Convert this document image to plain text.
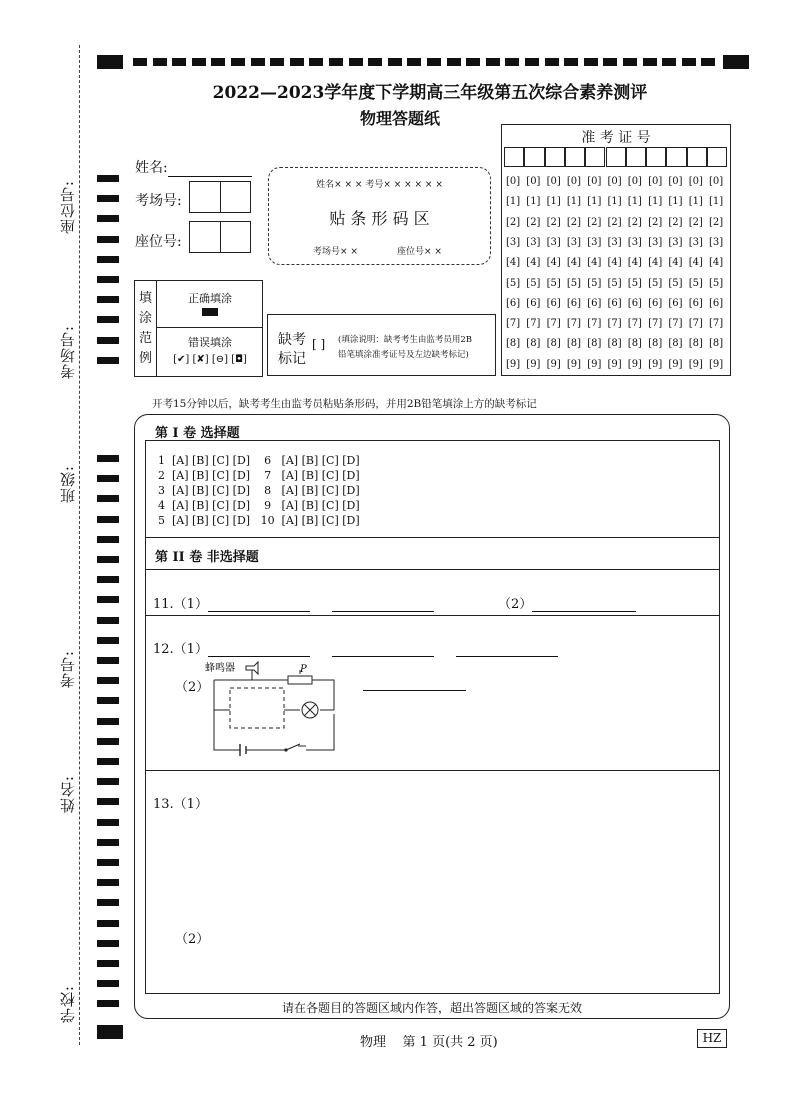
2022—2023学年度下学期高三年级第五次综合素养测评
物理答题纸
座位号:
考场号:
班级:
考号:
姓名:
学校:
姓名:
考场号:
座位号:
姓名× × × 考号× × × × × ×
贴 条 形 码 区
考场号× ×	座位号× ×
准 考 证 号
[0] [0] [0] [0] [0] [0] [0] [0] [0] [0] [0]
[1] [1] [1] [1] [1] [1] [1] [1] [1] [1] [1]
[2] [2] [2] [2] [2] [2] [2] [2] [2] [2] [2]
[3] [3] [3] [3] [3] [3] [3] [3] [3] [3] [3]
[4] [4] [4] [4] [4] [4] [4] [4] [4] [4] [4]
[5] [5] [5] [5] [5] [5] [5] [5] [5] [5] [5]
[6] [6] [6] [6] [6] [6] [6] [6] [6] [6] [6]
[7] [7] [7] [7] [7] [7] [7] [7] [7] [7] [7]
[8] [8] [8] [8] [8] [8] [8] [8] [8] [8] [8]
[9] [9] [9] [9] [9] [9] [9] [9] [9] [9] [9]
填
涂
范
例
正确填涂
错误填涂
[✔] [✘] [⊖] [◘]
缺考
标记
[ ] (填涂说明：缺考考生由监考员用2B
铅笔填涂准考证号及左边缺考标记)
开考15分钟以后，缺考考生由监考员粘贴条形码，并用2B铅笔填涂上方的缺考标记
第 I 卷 选择题
1  [A] [B] [C] [D]    6   [A] [B] [C] [D]
2  [A] [B] [C] [D]    7   [A] [B] [C] [D]
3  [A] [B] [C] [D]    8   [A] [B] [C] [D]
4  [A] [B] [C] [D]    9   [A] [B] [C] [D]
5  [A] [B] [C] [D]   10  [A] [B] [C] [D]
第 II 卷 非选择题
11.（1）	（2）
12.（1）
（2）
蜂鸣器	P
13.（1）
（2）
请在各题目的答题区域内作答，超出答题区域的答案无效
物理    第 1 页(共 2 页)	HZ
